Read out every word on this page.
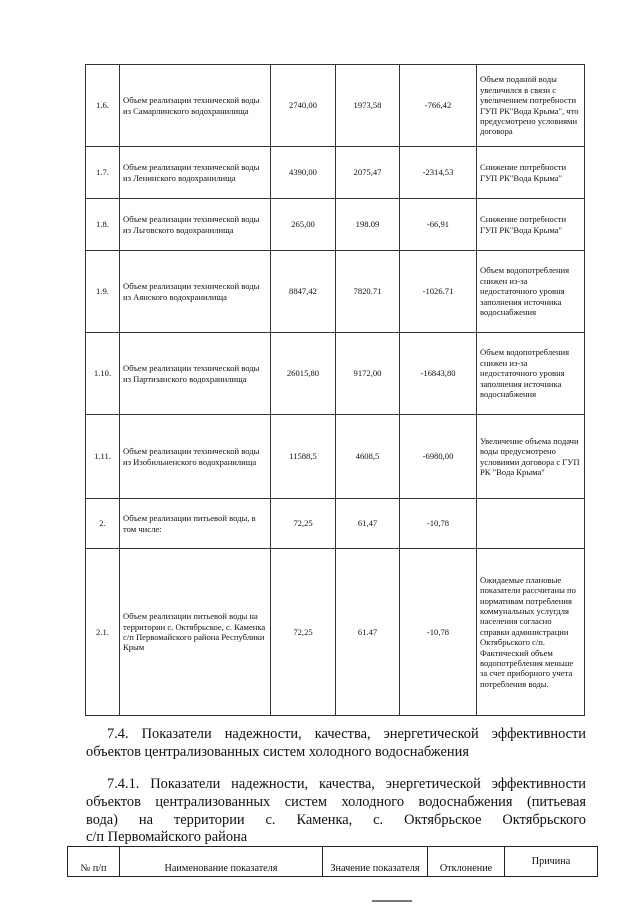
1.6.	Объем реализации технической воды из Самарлинского водохранилища	2740,00	1973,58	-766,42	Объем поданой воды увеличился в связи с увеличением потребности ГУП РК"Вода Крыма", что предусмотрено условиями договора
1.7.	Объем реализации технической воды из Ленинского водохранилища	4390,00	2075,47	-2314,53	Снижение потребности ГУП РК"Вода Крыма"
1.8.	Объем реализации технической воды из Льговского водохранилища	265,00	198.09	-66,91	Снижение потребности ГУП РК"Вода Крыма"
1.9.	Объем реализации технической воды из Аянского водохранилища	8847,42	7820.71	-1026.71	Объем водопотребления снижен из-за недостаточного уровня заполнения источника водоснабжения
1.10.	Объем реализации технической воды из Партизанского водохранилища	26015,80	9172,00	-16843,80	Объем водопотребления снижен из-за недостаточного уровня заполнения источника водоснабжения
1.11.	Объем реализации технической воды из Изобильненского водохранилища	11588,5	4608,5	-6980,00	Увеличение объема подачи воды предусмотрено условиями договора с ГУП РК "Вода Крыма"
2.	Объем реализации питьевой воды, в том числе:	72,25	61,47	-10,78	
2.1.	Объем реализации питьевой воды на территории с. Октябрьское, с. Каменка с/п Первомайского района Республики Крым	72,25	61.47	-10,78	Ожидаемые плановые показатели рассчитаны по нормативам потребления коммунальных услугдля населения согласно справки администрации Октябрьского с/п. Фактический объем водопотребления меньше за счет приборного учета потребления воды.

7.4. Показатели надежности, качества, энергетической эффективности
объектов централизованных систем холодного водоснабжения

7.4.1. Показатели надежности, качества, энергетической эффективности
объектов централизованных систем холодного водоснабжения (питьевая
вода) на территории с. Каменка, с. Октябрьское Октябрьского
с/п Первомайского района

№ п/п	Наименование показателя	Значение показателя	Отклонение	Причина
